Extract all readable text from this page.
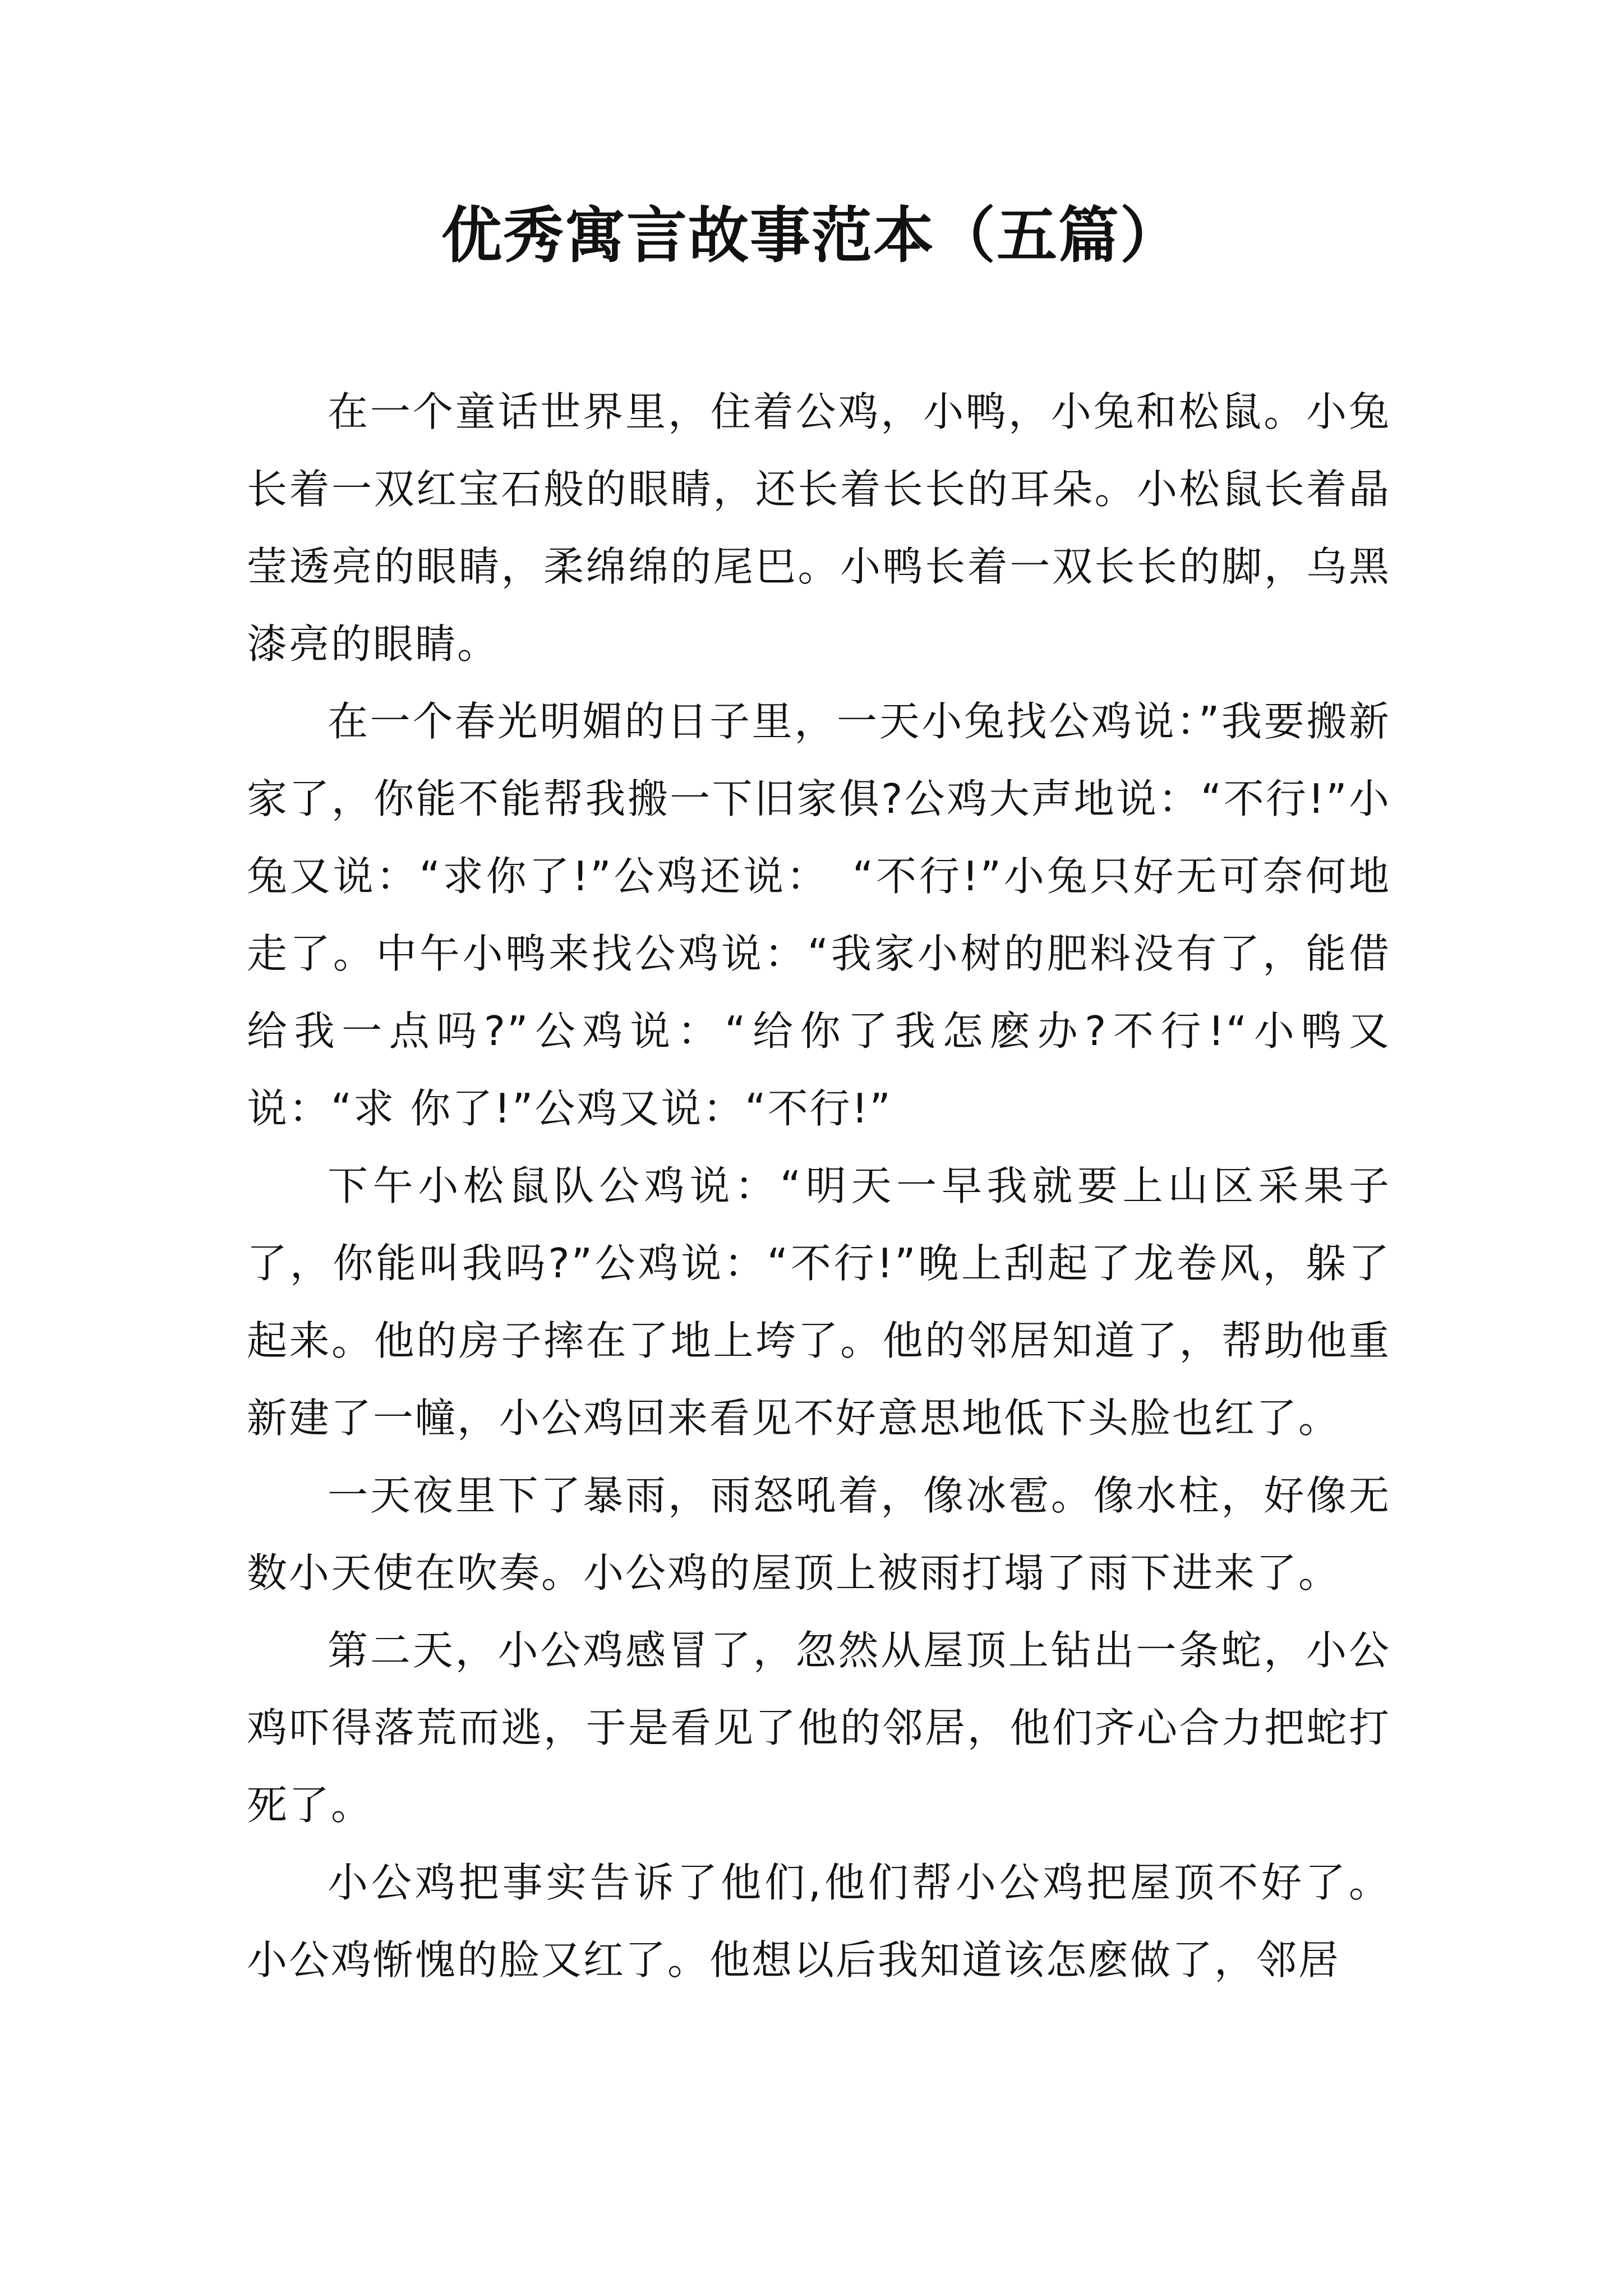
优秀寓言故事范本（五篇）

在一个童话世界里，住着公鸡，小鸭，小兔和松鼠。小兔长着一双红宝石般的眼睛，还长着长长的耳朵。小松鼠长着晶莹透亮的眼睛，柔绵绵的尾巴。小鸭长着一双长长的脚，乌黑漆亮的眼睛。

在一个春光明媚的日子里，一天小兔找公鸡说：”我要搬新家了，你能不能帮我搬一下旧家俱?公鸡大声地说：“不行!”小兔又说：“求你了!”公鸡还说：　“不行!”小兔只好无可奈何地走了。中午小鸭来找公鸡说：“我家小树的肥料没有了，能借给我一点吗?”公鸡说：“给你了我怎麽办?不行!“小鸭又说：“求 你了!”公鸡又说：“不行!”

下午小松鼠队公鸡说：“明天一早我就要上山区采果子了，你能叫我吗?”公鸡说：“不行!”晚上刮起了龙卷风，躲了起来。他的房子摔在了地上垮了。他的邻居知道了，帮助他重新建了一幢，小公鸡回来看见不好意思地低下头脸也红了。

一天夜里下了暴雨，雨怒吼着，像冰雹。像水柱，好像无数小天使在吹奏。小公鸡的屋顶上被雨打塌了雨下进来了。

第二天，小公鸡感冒了，忽然从屋顶上钻出一条蛇，小公鸡吓得落荒而逃，于是看见了他的邻居，他们齐心合力把蛇打死了。

小公鸡把事实告诉了他们,他们帮小公鸡把屋顶不好了。小公鸡惭愧的脸又红了。他想以后我知道该怎麽做了，邻居
